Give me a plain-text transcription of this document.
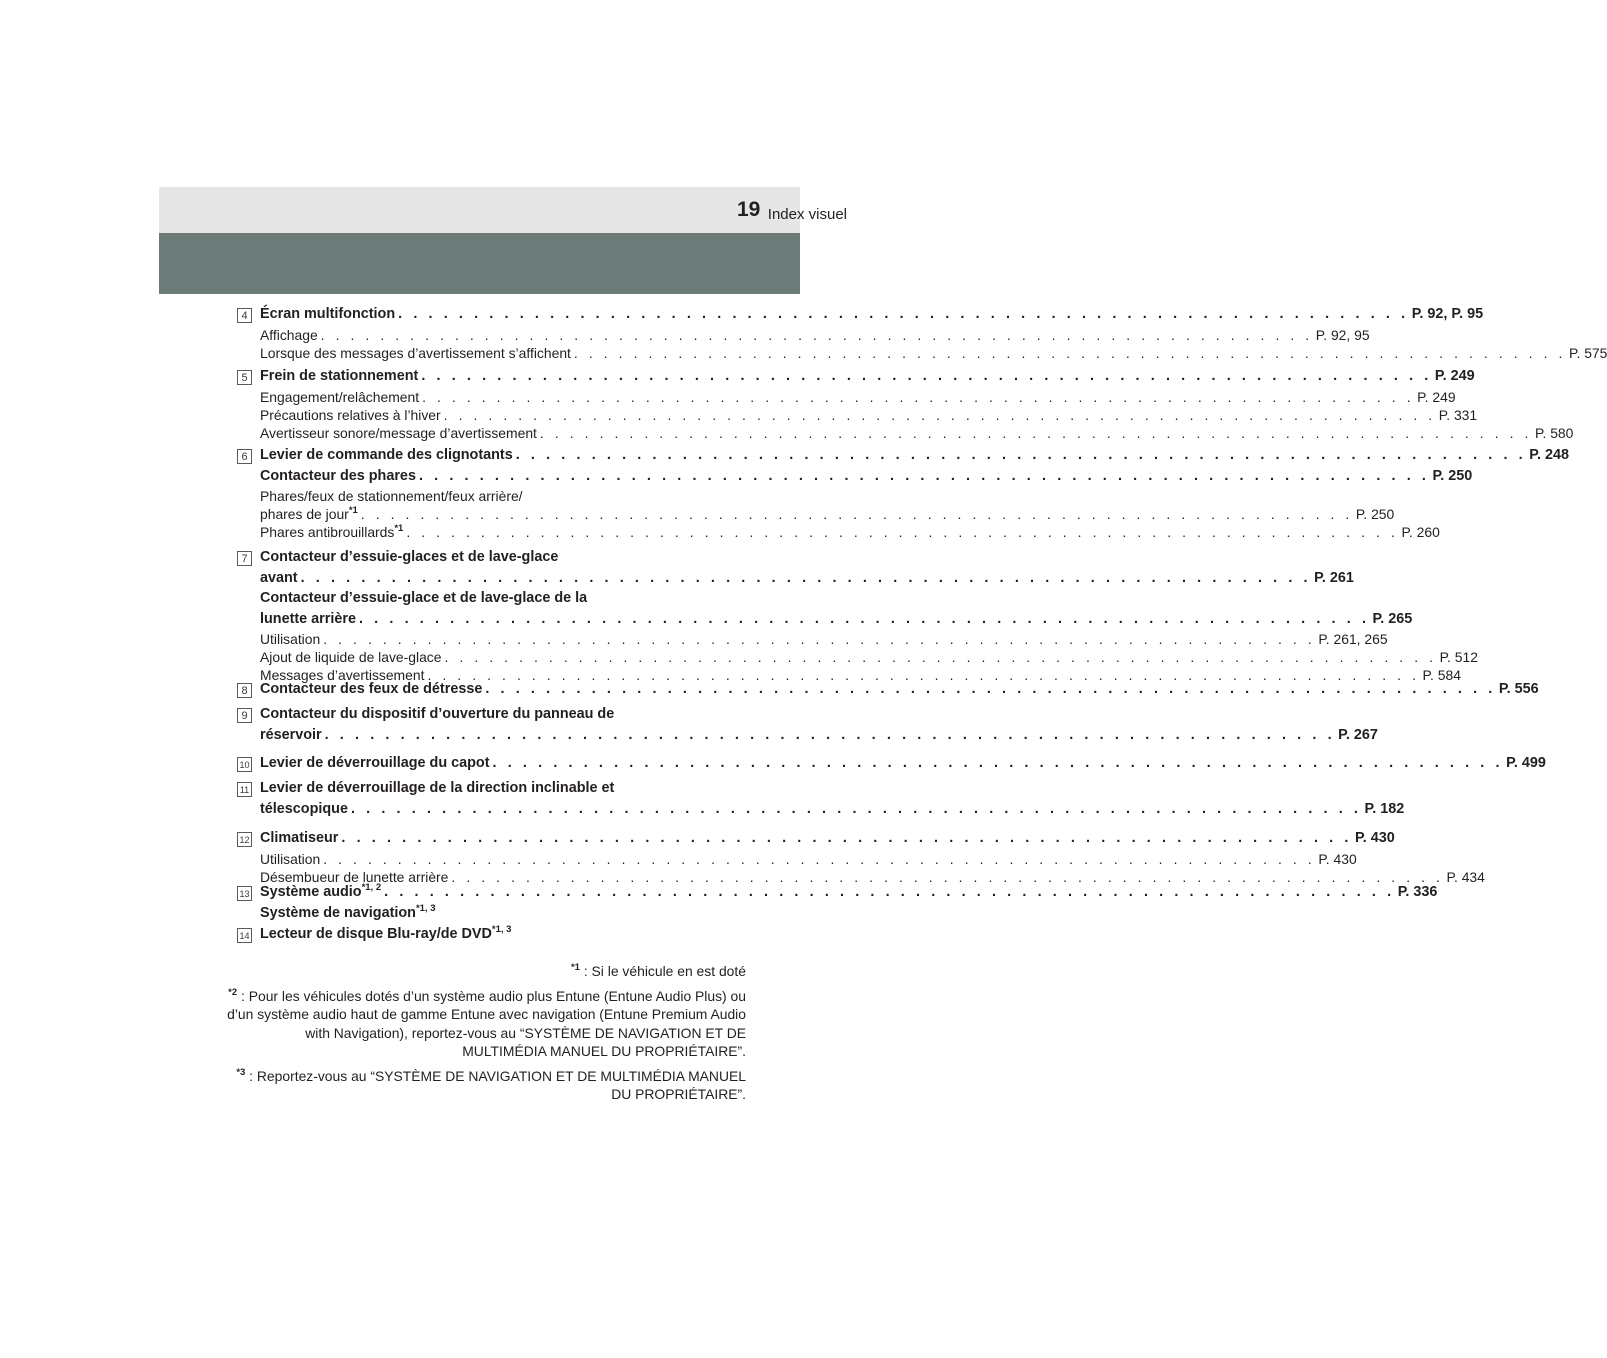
Index visuel
19
4 Écran multifonction . . . . . . . . . . . . . . . . . . . . . . . . . . . . . . . . . . . . . . . . . . . . . . . . . . . . . . . . . . . . . . . . . . . P. 92, P. 95
Affichage . . . . . . . . . . . . . . . . . . . . . . . . . . . . . . . . . . . . . . . . . . . . . . . . . . . . . . . . . . . . . . . . . . . P. 92, 95
Lorsque des messages d’avertissement s’affichent . . . . . . . . . . . . . . . . . . . . . . . . . . . . . . . . . . . . . . . . . . . . . . . . . . . . . . . . . . . . . . . . . . . P. 575
5 Frein de stationnement . . . . . . . . . . . . . . . . . . . . . . . . . . . . . . . . . . . . . . . . . . . . . . . . . . . . . . . . . . . . . . . . . . . P. 249
Engagement/relâchement . . . . . . . . . . . . . . . . . . . . . . . . . . . . . . . . . . . . . . . . . . . . . . . . . . . . . . . . . . . . . . . . . . . P. 249
Précautions relatives à l’hiver . . . . . . . . . . . . . . . . . . . . . . . . . . . . . . . . . . . . . . . . . . . . . . . . . . . . . . . . . . . . . . . . . . . P. 331
Avertisseur sonore/message d’avertissement . . . . . . . . . . . . . . . . . . . . . . . . . . . . . . . . . . . . . . . . . . . . . . . . . . . . . . . . . . . . . . . . . . . P. 580
6 Levier de commande des clignotants . . . . . . . . . . . . . . . . . . . . . . . . . . . . . . . . . . . . . . . . . . . . . . . . . . . . . . . . . . . . . . . . . . . P. 248
Contacteur des phares . . . . . . . . . . . . . . . . . . . . . . . . . . . . . . . . . . . . . . . . . . . . . . . . . . . . . . . . . . . . . . . . . . . P. 250
Phares/feux de stationnement/feux arrière/
phares de jour$^{*1}$ . . . . . . . . . . . . . . . . . . . . . . . . . . . . . . . . . . . . . . . . . . . . . . . . . . . . . . . . . . . . . . . . . . . P. 250
Phares antibrouillards$^{*1}$ . . . . . . . . . . . . . . . . . . . . . . . . . . . . . . . . . . . . . . . . . . . . . . . . . . . . . . . . . . . . . . . . . . . P. 260
7 Contacteur d’essuie-glaces et de lave-glace
avant . . . . . . . . . . . . . . . . . . . . . . . . . . . . . . . . . . . . . . . . . . . . . . . . . . . . . . . . . . . . . . . . . . . P. 261
Contacteur d’essuie-glace et de lave-glace de la
lunette arrière . . . . . . . . . . . . . . . . . . . . . . . . . . . . . . . . . . . . . . . . . . . . . . . . . . . . . . . . . . . . . . . . . . . P. 265
Utilisation . . . . . . . . . . . . . . . . . . . . . . . . . . . . . . . . . . . . . . . . . . . . . . . . . . . . . . . . . . . . . . . . . . . P. 261, 265
Ajout de liquide de lave-glace . . . . . . . . . . . . . . . . . . . . . . . . . . . . . . . . . . . . . . . . . . . . . . . . . . . . . . . . . . . . . . . . . . . P. 512
Messages d’avertissement . . . . . . . . . . . . . . . . . . . . . . . . . . . . . . . . . . . . . . . . . . . . . . . . . . . . . . . . . . . . . . . . . . . P. 584
8 Contacteur des feux de détresse . . . . . . . . . . . . . . . . . . . . . . . . . . . . . . . . . . . . . . . . . . . . . . . . . . . . . . . . . . . . . . . . . . . P. 556
9 Contacteur du dispositif d’ouverture du panneau de
réservoir . . . . . . . . . . . . . . . . . . . . . . . . . . . . . . . . . . . . . . . . . . . . . . . . . . . . . . . . . . . . . . . . . . . P. 267
10 Levier de déverrouillage du capot . . . . . . . . . . . . . . . . . . . . . . . . . . . . . . . . . . . . . . . . . . . . . . . . . . . . . . . . . . . . . . . . . . . P. 499
11 Levier de déverrouillage de la direction inclinable et
télescopique . . . . . . . . . . . . . . . . . . . . . . . . . . . . . . . . . . . . . . . . . . . . . . . . . . . . . . . . . . . . . . . . . . . P. 182
12 Climatiseur . . . . . . . . . . . . . . . . . . . . . . . . . . . . . . . . . . . . . . . . . . . . . . . . . . . . . . . . . . . . . . . . . . . P. 430
Utilisation . . . . . . . . . . . . . . . . . . . . . . . . . . . . . . . . . . . . . . . . . . . . . . . . . . . . . . . . . . . . . . . . . . . P. 430
Désembueur de lunette arrière . . . . . . . . . . . . . . . . . . . . . . . . . . . . . . . . . . . . . . . . . . . . . . . . . . . . . . . . . . . . . . . . . . . P. 434
13 Système audio$^{*1, 2}$ . . . . . . . . . . . . . . . . . . . . . . . . . . . . . . . . . . . . . . . . . . . . . . . . . . . . . . . . . . . . . . . . . . . P. 336
Système de navigation$^{*1, 3}$
14 Lecteur de disque Blu-ray/de DVD$^{*1, 3}$
$^{*1}$ : Si le véhicule en est doté
$^{*2}$ : Pour les véhicules dotés d’un système audio plus Entune (Entune Audio Plus) ou d’un système audio haut de gamme Entune avec navigation (Entune Premium Audio with Navigation), reportez-vous au “SYSTÈME DE NAVIGATION ET DE MULTIMÉDIA MANUEL DU PROPRIÉTAIRE”.
$^{*3}$ : Reportez-vous au “SYSTÈME DE NAVIGATION ET DE MULTIMÉDIA MANUEL DU PROPRIÉTAIRE”.
